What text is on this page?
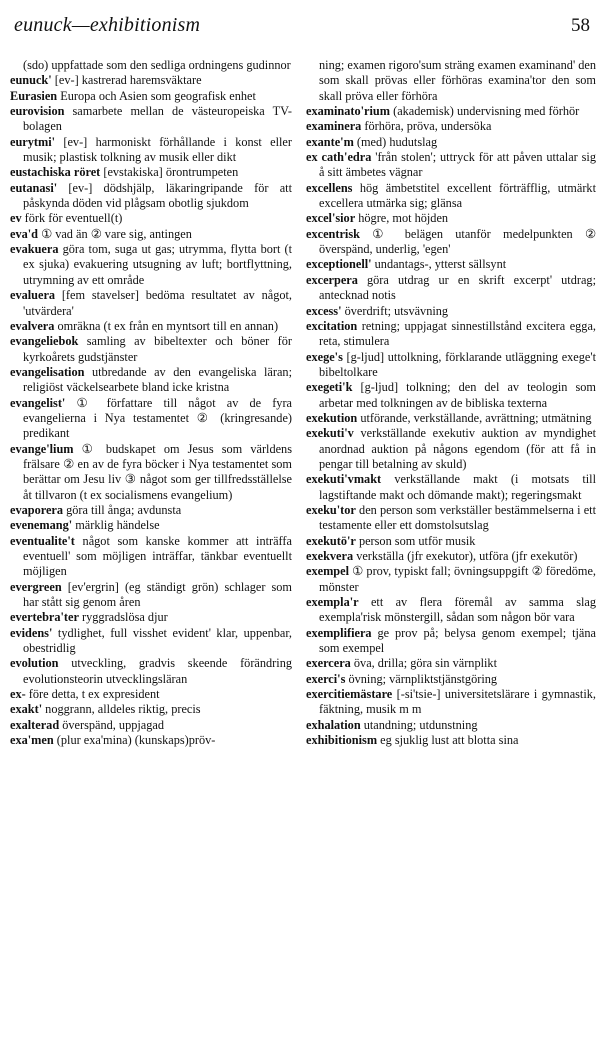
eunuck—exhibitionism	58

(sdo) uppfattade som den sedliga ordningens gudinnor

eunuck' [ev-] kastrerad haremsväktare

Eurasien Europa och Asien som geografisk enhet

eurovision samarbete mellan de västeuropeiska TV-bolagen

eurytmi' [ev-] harmoniskt förhållande i konst eller musik; plastisk tolkning av musik eller dikt

eustachiska röret [evstakiska] örontrumpeten

eutanasi' [ev-] dödshjälp, läkaringripande för att påskynda döden vid plågsam obotlig sjukdom

ev förk för eventuell(t)

eva'd ① vad än ② vare sig, antingen

evakuera göra tom, suga ut gas; utrymma, flytta bort (t ex sjuka) evakuering utsugning av luft; bortflyttning, utrymning av ett område

evaluera [fem stavelser] bedöma resultatet av något, 'utvärdera'

evalvera omräkna (t ex från en myntsort till en annan)

evangeliebok samling av bibeltexter och böner för kyrkoårets gudstjänster

evangelisation utbredande av den evangeliska läran; religiöst väckelsearbete bland icke kristna

evangelist' ① författare till något av de fyra evangelierna i Nya testamentet ② (kringresande) predikant

evange'lium ① budskapet om Jesus som världens frälsare ② en av de fyra böcker i Nya testamentet som berättar om Jesu liv ③ något som ger tillfredsställelse åt tillvaron (t ex socialismens evangelium)

evaporera göra till ånga; avdunsta

evenemang' märklig händelse

eventualite't något som kanske kommer att inträffa eventuell' som möjligen inträffar, tänkbar eventuellt möjligen

evergreen [ev'ergrin] (eg ständigt grön) schlager som har stått sig genom åren

evertebra'ter ryggradslösa djur

evidens' tydlighet, full visshet evident' klar, uppenbar, obestridlig

evolution utveckling, gradvis skeende förändring evolutionsteorin utvecklingsläran

ex- före detta, t ex expresident

exakt' noggrann, alldeles riktig, precis

exalterad överspänd, uppjagad

exa'men (plur exa'mina) (kunskaps)pröv-

ning; examen rigoro'sum sträng examen examinand' den som skall prövas eller förhöras examina'tor den som skall pröva eller förhöra

examinato'rium (akademisk) undervisning med förhör

examinera förhöra, pröva, undersöka

exante'm (med) hudutslag

ex cath'edra 'från stolen'; uttryck för att påven uttalar sig å sitt ämbetes vägnar

excellens hög ämbetstitel excellent förträfflig, utmärkt excellera utmärka sig; glänsa

excel'sior högre, mot höjden

excentrisk ① belägen utanför medelpunkten ② överspänd, underlig, 'egen'

exceptionell' undantags-, ytterst sällsynt

excerpera göra utdrag ur en skrift excerpt' utdrag; antecknad notis

excess' överdrift; utsvävning

excitation retning; uppjagat sinnestillstånd excitera egga, reta, stimulera

exege's [g-ljud] uttolkning, förklarande utläggning exege't bibeltolkare

exegeti'k [g-ljud] tolkning; den del av teologin som arbetar med tolkningen av de bibliska texterna

exekution utförande, verkställande, avrättning; utmätning

exekuti'v verkställande exekutiv auktion av myndighet anordnad auktion på någons egendom (för att få in pengar till betalning av skuld)

exekuti'vmakt verkställande makt (i motsats till lagstiftande makt och dömande makt); regeringsmakt

exeku'tor den person som verkställer bestämmelserna i ett testamente eller ett domstolsutslag

exekutö'r person som utför musik

exekvera verkställa (jfr exekutor), utföra (jfr exekutör)

exempel ① prov, typiskt fall; övningsuppgift ② föredöme, mönster

exempla'r ett av flera föremål av samma slag exempla'risk mönstergill, sådan som någon bör vara

exemplifiera ge prov på; belysa genom exempel; tjäna som exempel

exercera öva, drilla; göra sin värnplikt

exerci's övning; värnpliktstjänstgöring

exercitiemästare [-si'tsie-] universitetslärare i gymnastik, fäktning, musik m m

exhalation utandning; utdunstning

exhibitionism eg sjuklig lust att blotta sina
